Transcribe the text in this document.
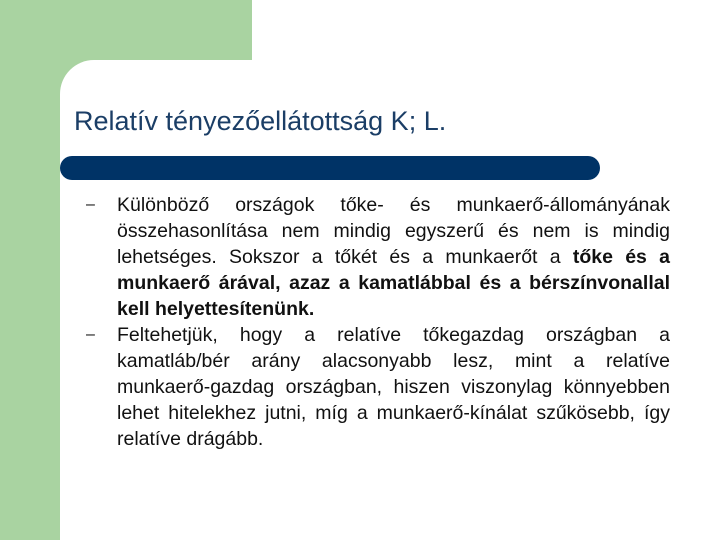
Relatív tényezőellátottság K; L.
– Különböző országok tőke- és munkaerő-állományának összehasonlítása nem mindig egyszerű és nem is mindig lehetséges. Sokszor a tőkét és a munkaerőt a tőke és a munkaerő árával, azaz a kamatlábbal és a bérszínvonallal kell helyettesítenünk.
– Feltehetjük, hogy a relatíve tőkegazdag országban a kamatláb/bér arány alacsonyabb lesz, mint a relatíve munkaerő-gazdag országban, hiszen viszonylag könnyebben lehet hitelekhez jutni, míg a munkaerő-kínálat szűkösebb, így relatíve drágább.
